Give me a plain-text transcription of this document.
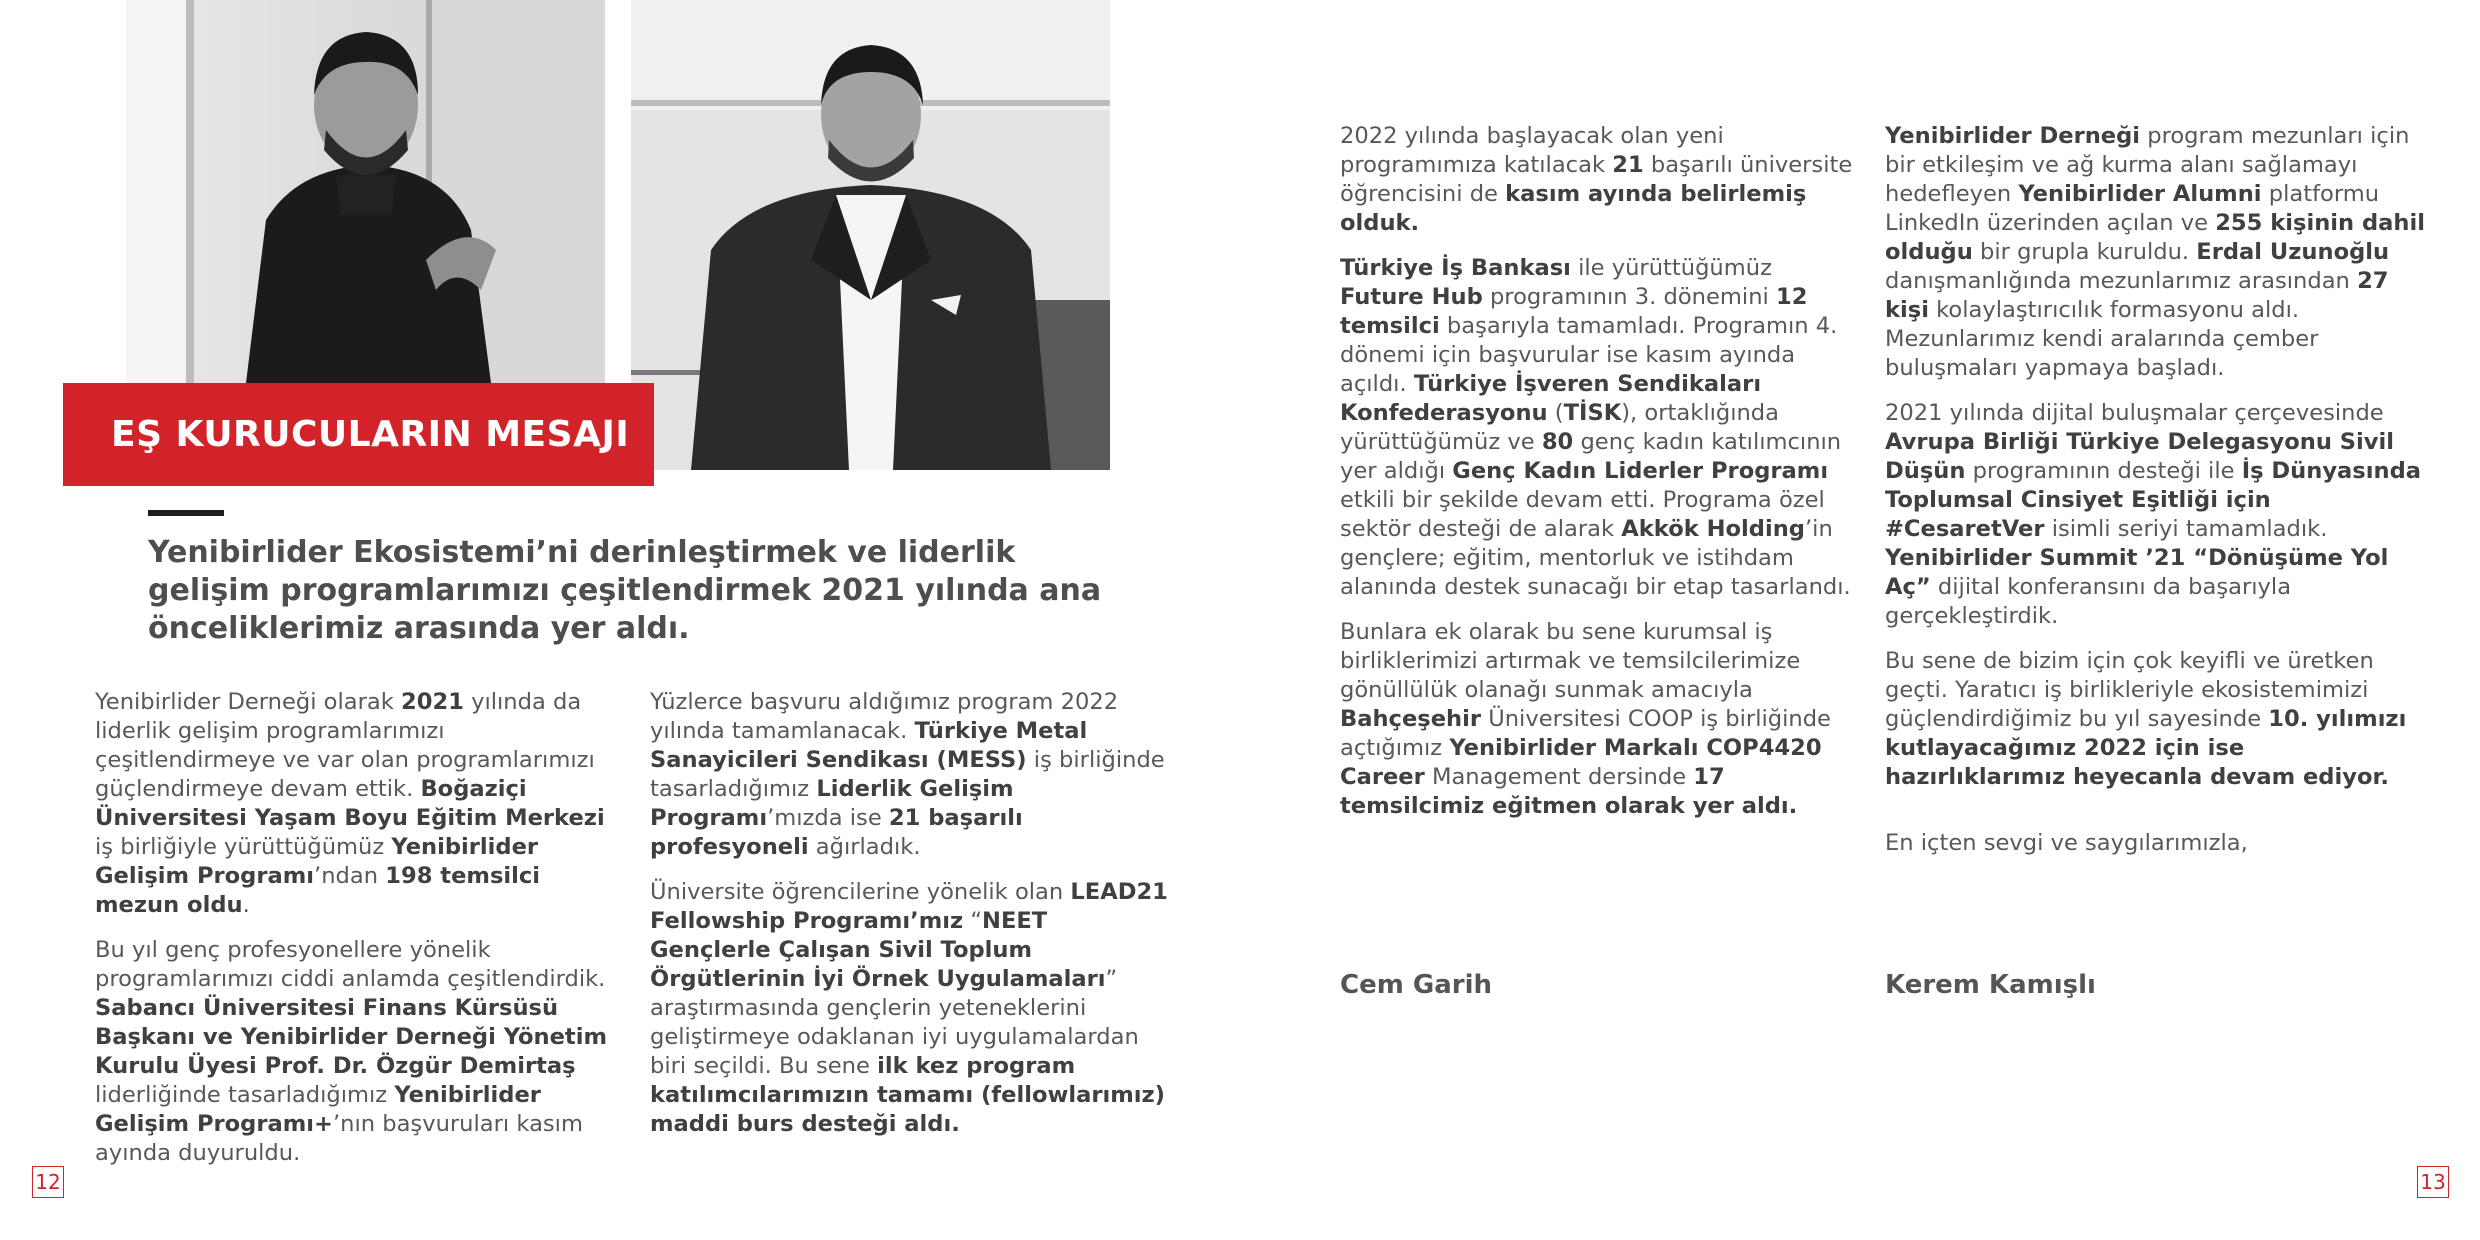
EŞ KURUCULARIN MESAJI

Yenibirlider Ekosistemi’ni derinleştirmek ve liderlik gelişim programlarımızı çeşitlendirmek 2021 yılında ana önceliklerimiz arasında yer aldı.

Yenibirlider Derneği olarak 2021 yılında da liderlik gelişim programlarımızı çeşitlendirmeye ve var olan programlarımızı güçlendirmeye devam ettik. Boğaziçi Üniversitesi Yaşam Boyu Eğitim Merkezi iş birliğiyle yürüttüğümüz Yenibirlider Gelişim Programı’ndan 198 temsilci mezun oldu.

Bu yıl genç profesyonellere yönelik programlarımızı ciddi anlamda çeşitlendirdik. Sabancı Üniversitesi Finans Kürsüsü Başkanı ve Yenibirlider Derneği Yönetim Kurulu Üyesi Prof. Dr. Özgür Demirtaş liderliğinde tasarladığımız Yenibirlider Gelişim Programı+’nın başvuruları kasım ayında duyuruldu.

Yüzlerce başvuru aldığımız program 2022 yılında tamamlanacak. Türkiye Metal Sanayicileri Sendikası (MESS) iş birliğinde tasarladığımız Liderlik Gelişim Programı’mızda ise 21 başarılı profesyoneli ağırladık.

Üniversite öğrencilerine yönelik olan LEAD21 Fellowship Programı’mız “NEET Gençlerle Çalışan Sivil Toplum Örgütlerinin İyi Örnek Uygulamaları” araştırmasında gençlerin yeteneklerini geliştirmeye odaklanan iyi uygulamalardan biri seçildi. Bu sene ilk kez program katılımcılarımızın tamamı (fellowlarımız) maddi burs desteği aldı.

2022 yılında başlayacak olan yeni programımıza katılacak 21 başarılı üniversite öğrencisini de kasım ayında belirlemiş olduk.

Türkiye İş Bankası ile yürüttüğümüz Future Hub programının 3. dönemini 12 temsilci başarıyla tamamladı. Programın 4. dönemi için başvurular ise kasım ayında açıldı. Türkiye İşveren Sendikaları Konfederasyonu (TİSK), ortaklığında yürüttüğümüz ve 80 genç kadın katılımcının yer aldığı Genç Kadın Liderler Programı etkili bir şekilde devam etti. Programa özel sektör desteği de alarak Akkök Holding’in gençlere; eğitim, mentorluk ve istihdam alanında destek sunacağı bir etap tasarlandı.

Bunlara ek olarak bu sene kurumsal iş birliklerimizi artırmak ve temsilcilerimize gönüllülük olanağı sunmak amacıyla Bahçeşehir Üniversitesi COOP iş birliğinde açtığımız Yenibirlider Markalı COP4420 Career Management dersinde 17 temsilcimiz eğitmen olarak yer aldı.

Yenibirlider Derneği program mezunları için bir etkileşim ve ağ kurma alanı sağlamayı hedefleyen Yenibirlider Alumni platformu LinkedIn üzerinden açılan ve 255 kişinin dahil olduğu bir grupla kuruldu. Erdal Uzunoğlu danışmanlığında mezunlarımız arasından 27 kişi kolaylaştırıcılık formasyonu aldı. Mezunlarımız kendi aralarında çember buluşmaları yapmaya başladı.

2021 yılında dijital buluşmalar çerçevesinde Avrupa Birliği Türkiye Delegasyonu Sivil Düşün programının desteği ile İş Dünyasında Toplumsal Cinsiyet Eşitliği için #CesaretVer isimli seriyi tamamladık. Yenibirlider Summit ’21 “Dönüşüme Yol Aç” dijital konferansını da başarıyla gerçekleştirdik.

Bu sene de bizim için çok keyifli ve üretken geçti. Yaratıcı iş birlikleriyle ekosistemimizi güçlendirdiğimiz bu yıl sayesinde 10. yılımızı kutlayacağımız 2022 için ise hazırlıklarımız heyecanla devam ediyor.

En içten sevgi ve saygılarımızla,
Cem Garih	Kerem Kamışlı
12	13
